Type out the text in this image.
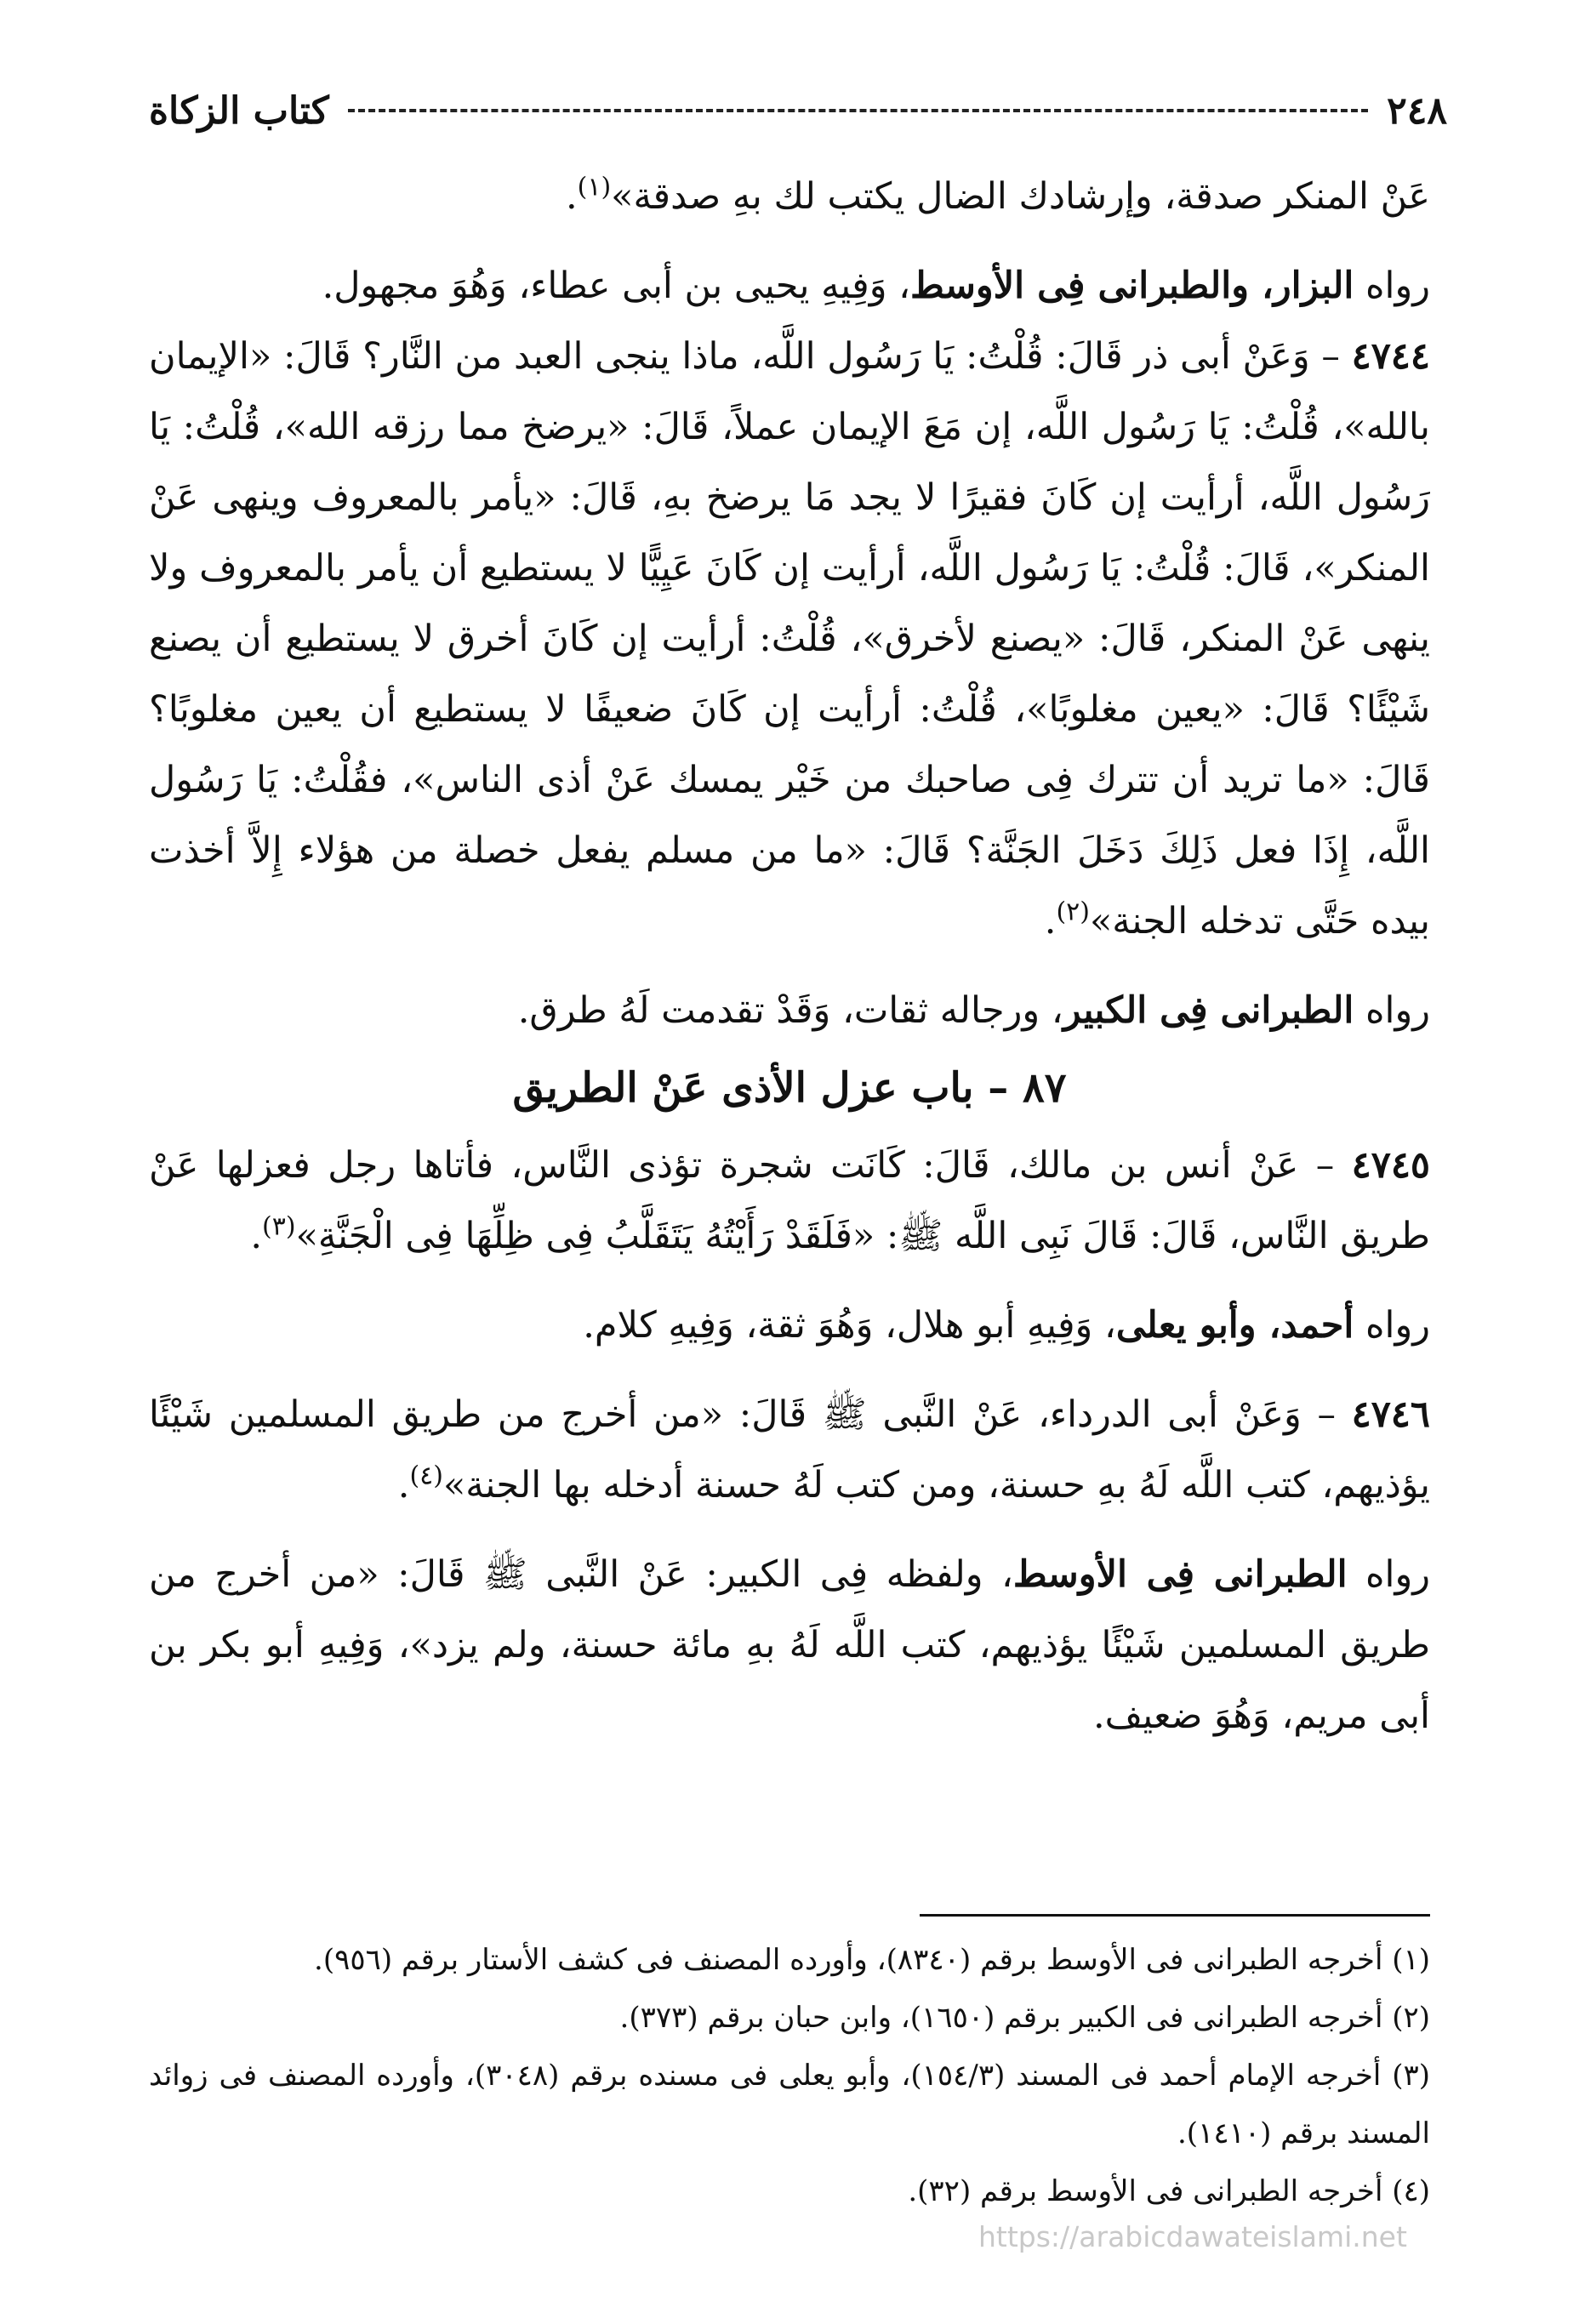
٢٤٨
كتاب الزكاة

عَنْ المنكر صدقة، وإرشادك الضال يكتب لك بهِ صدقة»$^{(١)}$.

رواه البزار، والطبرانى فِى الأوسط، وَفِيهِ يحيى بن أبى عطاء، وَهُوَ مجهول.

٤٧٤٤ – وَعَنْ أبى ذر قَالَ: قُلْتُ: يَا رَسُول اللَّه، ماذا ينجى العبد من النَّار؟ قَالَ: «الإيمان بالله»، قُلْتُ: يَا رَسُول اللَّه، إن مَعَ الإيمان عملاً، قَالَ: «يرضخ مما رزقه الله»، قُلْتُ: يَا رَسُول اللَّه، أرأيت إن كَانَ فقيرًا لا يجد مَا يرضخ بهِ، قَالَ: «يأمر بالمعروف وينهى عَنْ المنكر»، قَالَ: قُلْتُ: يَا رَسُول اللَّه، أرأيت إن كَانَ عَيِيًّا لا يستطيع أن يأمر بالمعروف ولا ينهى عَنْ المنكر، قَالَ: «يصنع لأخرق»، قُلْتُ: أرأيت إن كَانَ أخرق لا يستطيع أن يصنع شَيْئًا؟ قَالَ: «يعين مغلوبًا»، قُلْتُ: أرأيت إن كَانَ ضعيفًا لا يستطيع أن يعين مغلوبًا؟ قَالَ: «ما تريد أن تترك فِى صاحبك من خَيْر يمسك عَنْ أذى الناس»، فقُلْتُ: يَا رَسُول اللَّه، إِذَا فعل ذَلِكَ دَخَلَ الجَنَّة؟ قَالَ: «ما من مسلم يفعل خصلة من هؤلاء إِلاَّ أخذت بيده حَتَّى تدخله الجنة»$^{(٢)}$.

رواه الطبرانى فِى الكبير، ورجاله ثقات، وَقَدْ تقدمت لَهُ طرق.

٨٧ – باب عزل الأذى عَنْ الطريق

٤٧٤٥ – عَنْ أنس بن مالك، قَالَ: كَانَت شجرة تؤذى النَّاس، فأتاها رجل فعزلها عَنْ طريق النَّاس، قَالَ: قَالَ نَبِى اللَّه ﷺ: «فَلَقَدْ رَأَيْتُهُ يَتَقَلَّبُ فِى ظِلِّهَا فِى الْجَنَّةِ»$^{(٣)}$.

رواه أحمد، وأبو يعلى، وَفِيهِ أبو هلال، وَهُوَ ثقة، وَفِيهِ كلام.

٤٧٤٦ – وَعَنْ أبى الدرداء، عَنْ النَّبى ﷺ قَالَ: «من أخرج من طريق المسلمين شَيْئًا يؤذيهم، كتب اللَّه لَهُ بهِ حسنة، ومن كتب لَهُ حسنة أدخله بها الجنة»$^{(٤)}$.

رواه الطبرانى فِى الأوسط، ولفظه فِى الكبير: عَنْ النَّبى ﷺ قَالَ: «من أخرج من طريق المسلمين شَيْئًا يؤذيهم، كتب اللَّه لَهُ بهِ مائة حسنة، ولم يزد»، وَفِيهِ أبو بكر بن أبى مريم، وَهُوَ ضعيف.

(١) أخرجه الطبرانى فى الأوسط برقم (٨٣٤٠)، وأورده المصنف فى كشف الأستار برقم (٩٥٦).

(٢) أخرجه الطبرانى فى الكبير برقم (١٦٥٠)، وابن حبان برقم (٣٧٣).

(٣) أخرجه الإمام أحمد فى المسند (١٥٤/٣)، وأبو يعلى فى مسنده برقم (٣٠٤٨)، وأورده المصنف فى زوائد المسند برقم (١٤١٠).

(٤) أخرجه الطبرانى فى الأوسط برقم (٣٢).

https://arabicdawateislami.net
